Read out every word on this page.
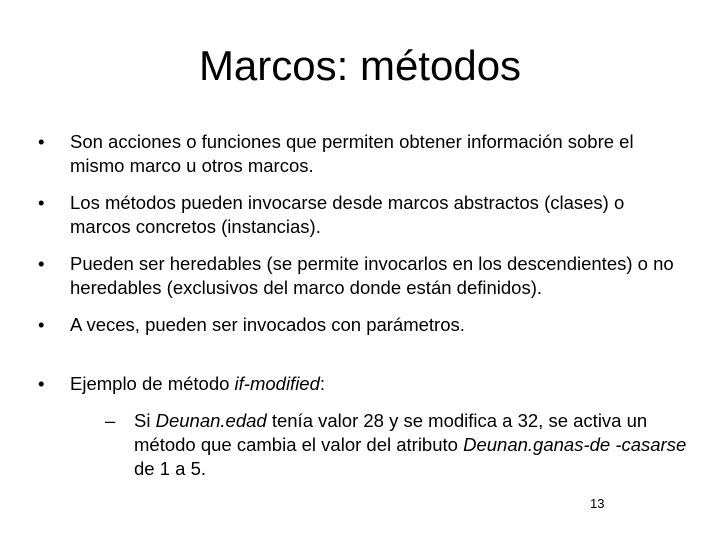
Marcos: métodos
•	Son acciones o funciones que permiten obtener información sobre el mismo marco u otros marcos.
•	Los métodos pueden invocarse desde marcos abstractos (clases) o marcos concretos (instancias).
•	Pueden ser heredables (se permite invocarlos en los descendientes) o no heredables (exclusivos del marco donde están definidos).
•	A veces, pueden ser invocados con parámetros.
•	Ejemplo de método if-modified:
– Si Deunan.edad tenía valor 28 y se modifica a 32, se activa un método que cambia el valor del atributo Deunan.ganas-de -casarse de 1 a 5.
13
